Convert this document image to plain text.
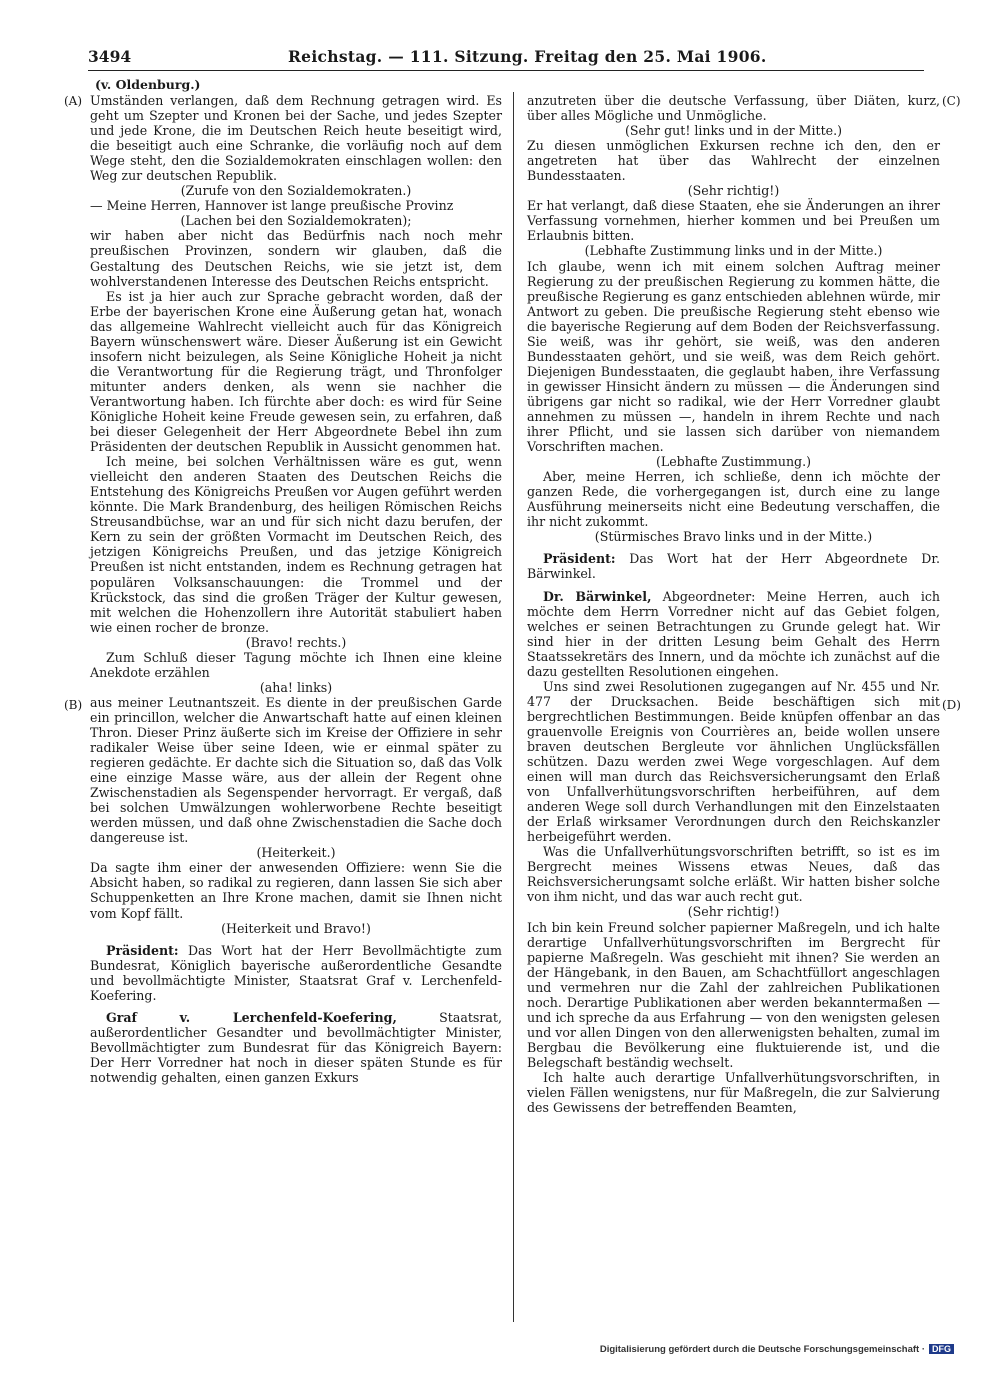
3494	Reichstag. — 111. Sitzung. Freitag den 25. Mai 1906.
(v. Oldenburg.)
(A)
(B)
(C)
(D)

Umständen verlangen, daß dem Rechnung getragen wird. Es geht um Szepter und Kronen bei der Sache, und jedes Szepter und jede Krone, die im Deutschen Reich heute beseitigt wird, die beseitigt auch eine Schranke, die vorläufig noch auf dem Wege steht, den die Sozialdemokraten einschlagen wollen: den Weg zur deutschen Republik.

(Zurufe von den Sozialdemokraten.)

— Meine Herren, Hannover ist lange preußische Provinz

(Lachen bei den Sozialdemokraten);

wir haben aber nicht das Bedürfnis nach noch mehr preußischen Provinzen, sondern wir glauben, daß die Gestaltung des Deutschen Reichs, wie sie jetzt ist, dem wohlverstandenen Interesse des Deutschen Reichs entspricht.

Es ist ja hier auch zur Sprache gebracht worden, daß der Erbe der bayerischen Krone eine Äußerung getan hat, wonach das allgemeine Wahlrecht vielleicht auch für das Königreich Bayern wünschenswert wäre. Dieser Äußerung ist ein Gewicht insofern nicht beizulegen, als Seine Königliche Hoheit ja nicht die Verantwortung für die Regierung trägt, und Thronfolger mitunter anders denken, als wenn sie nachher die Verantwortung haben. Ich fürchte aber doch: es wird für Seine Königliche Hoheit keine Freude gewesen sein, zu erfahren, daß bei dieser Gelegenheit der Herr Abgeordnete Bebel ihn zum Präsidenten der deutschen Republik in Aussicht genommen hat.

Ich meine, bei solchen Verhältnissen wäre es gut, wenn vielleicht den anderen Staaten des Deutschen Reichs die Entstehung des Königreichs Preußen vor Augen geführt werden könnte. Die Mark Brandenburg, des heiligen Römischen Reichs Streusandbüchse, war an und für sich nicht dazu berufen, der Kern zu sein der größten Vormacht im Deutschen Reich, des jetzigen Königreichs Preußen, und das jetzige Königreich Preußen ist nicht entstanden, indem es Rechnung getragen hat populären Volksanschauungen: die Trommel und der Krückstock, das sind die großen Träger der Kultur gewesen, mit welchen die Hohenzollern ihre Autorität stabuliert haben wie einen rocher de bronze.

(Bravo! rechts.)

Zum Schluß dieser Tagung möchte ich Ihnen eine kleine Anekdote erzählen

(aha! links)

aus meiner Leutnantszeit. Es diente in der preußischen Garde ein princillon, welcher die Anwartschaft hatte auf einen kleinen Thron. Dieser Prinz äußerte sich im Kreise der Offiziere in sehr radikaler Weise über seine Ideen, wie er einmal später zu regieren gedächte. Er dachte sich die Situation so, daß das Volk eine einzige Masse wäre, aus der allein der Regent ohne Zwischenstadien als Segenspender hervorragt. Er vergaß, daß bei solchen Umwälzungen wohlerworbene Rechte beseitigt werden müssen, und daß ohne Zwischenstadien die Sache doch dangereuse ist.

(Heiterkeit.)

Da sagte ihm einer der anwesenden Offiziere: wenn Sie die Absicht haben, so radikal zu regieren, dann lassen Sie sich aber Schuppenketten an Ihre Krone machen, damit sie Ihnen nicht vom Kopf fällt.

(Heiterkeit und Bravo!)

Präsident: Das Wort hat der Herr Bevollmächtigte zum Bundesrat, Königlich bayerische außerordentliche Gesandte und bevollmächtigte Minister, Staatsrat Graf v. Lerchenfeld-Koefering.

Graf v. Lerchenfeld-Koefering, Staatsrat, außerordentlicher Gesandter und bevollmächtigter Minister, Bevollmächtigter zum Bundesrat für das Königreich Bayern: Der Herr Vorredner hat noch in dieser späten Stunde es für notwendig gehalten, einen ganzen Exkurs

anzutreten über die deutsche Verfassung, über Diäten, kurz, über alles Mögliche und Unmögliche.

(Sehr gut! links und in der Mitte.)

Zu diesen unmöglichen Exkursen rechne ich den, den er angetreten hat über das Wahlrecht der einzelnen Bundesstaaten.

(Sehr richtig!)

Er hat verlangt, daß diese Staaten, ehe sie Änderungen an ihrer Verfassung vornehmen, hierher kommen und bei Preußen um Erlaubnis bitten.

(Lebhafte Zustimmung links und in der Mitte.)

Ich glaube, wenn ich mit einem solchen Auftrag meiner Regierung zu der preußischen Regierung zu kommen hätte, die preußische Regierung es ganz entschieden ablehnen würde, mir Antwort zu geben. Die preußische Regierung steht ebenso wie die bayerische Regierung auf dem Boden der Reichsverfassung. Sie weiß, was ihr gehört, sie weiß, was den anderen Bundesstaaten gehört, und sie weiß, was dem Reich gehört. Diejenigen Bundesstaaten, die geglaubt haben, ihre Verfassung in gewisser Hinsicht ändern zu müssen — die Änderungen sind übrigens gar nicht so radikal, wie der Herr Vorredner glaubt annehmen zu müssen —, handeln in ihrem Rechte und nach ihrer Pflicht, und sie lassen sich darüber von niemandem Vorschriften machen.

(Lebhafte Zustimmung.)

Aber, meine Herren, ich schließe, denn ich möchte der ganzen Rede, die vorhergegangen ist, durch eine zu lange Ausführung meinerseits nicht eine Bedeutung verschaffen, die ihr nicht zukommt.

(Stürmisches Bravo links und in der Mitte.)

Präsident: Das Wort hat der Herr Abgeordnete Dr. Bärwinkel.

Dr. Bärwinkel, Abgeordneter: Meine Herren, auch ich möchte dem Herrn Vorredner nicht auf das Gebiet folgen, welches er seinen Betrachtungen zu Grunde gelegt hat. Wir sind hier in der dritten Lesung beim Gehalt des Herrn Staatssekretärs des Innern, und da möchte ich zunächst auf die dazu gestellten Resolutionen eingehen.

Uns sind zwei Resolutionen zugegangen auf Nr. 455 und Nr. 477 der Drucksachen. Beide beschäftigen sich mit bergrechtlichen Bestimmungen. Beide knüpfen offenbar an das grauenvolle Ereignis von Courrières an, beide wollen unsere braven deutschen Bergleute vor ähnlichen Unglücksfällen schützen. Dazu werden zwei Wege vorgeschlagen. Auf dem einen will man durch das Reichsversicherungsamt den Erlaß von Unfallverhütungsvorschriften herbeiführen, auf dem anderen Wege soll durch Verhandlungen mit den Einzelstaaten der Erlaß wirksamer Verordnungen durch den Reichskanzler herbeigeführt werden.

Was die Unfallverhütungsvorschriften betrifft, so ist es im Bergrecht meines Wissens etwas Neues, daß das Reichsversicherungsamt solche erläßt. Wir hatten bisher solche von ihm nicht, und das war auch recht gut.

(Sehr richtig!)

Ich bin kein Freund solcher papierner Maßregeln, und ich halte derartige Unfallverhütungsvorschriften im Bergrecht für papierne Maßregeln. Was geschieht mit ihnen? Sie werden an der Hängebank, in den Bauen, am Schachtfüllort angeschlagen und vermehren nur die Zahl der zahlreichen Publikationen noch. Derartige Publikationen aber werden bekanntermaßen — und ich spreche da aus Erfahrung — von den wenigsten gelesen und vor allen Dingen von den allerwenigsten behalten, zumal im Bergbau die Bevölkerung eine fluktuierende ist, und die Belegschaft beständig wechselt.

Ich halte auch derartige Unfallverhütungsvorschriften, in vielen Fällen wenigstens, nur für Maßregeln, die zur Salvierung des Gewissens der betreffenden Beamten,

Digitalisierung gefördert durch die Deutsche Forschungsgemeinschaft · DFG
